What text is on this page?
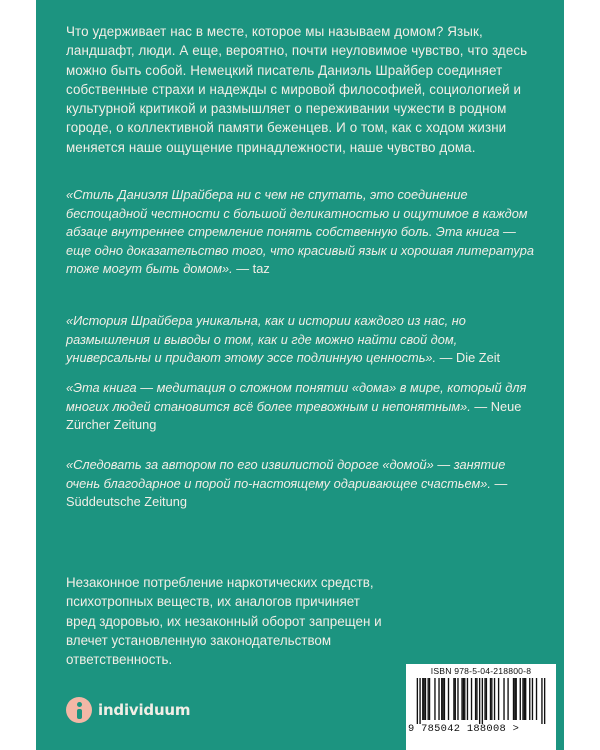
Что удерживает нас в месте, которое мы называем домом? Язык, ландшафт, люди. А еще, вероятно, почти неуловимое чувство, что здесь можно быть собой. Немецкий писатель Даниэль Шрайбер соединяет собственные страхи и надежды с мировой философией, социологией и культурной критикой и размышляет о переживании чужести в родном городе, о коллективной памяти беженцев. И о том, как с ходом жизни меняется наше ощущение принадлежности, наше чувство дома.

«Стиль Даниэля Шрайбера ни с чем не спутать, это соединение беспощадной честности с большой деликатностью и ощутимое в каждом абзаце внутреннее стремление понять собственную боль. Эта книга — еще одно доказательство того, что красивый язык и хорошая литература тоже могут быть домом». — taz

«История Шрайбера уникальна, как и истории каждого из нас, но размышления и выводы о том, как и где можно найти свой дом, универсальны и придают этому эссе подлинную ценность». — Die Zeit

«Эта книга — медитация о сложном понятии «дома» в мире, который для многих людей становится всё более тревожным и непонятным». — Neue Zürcher Zeitung

«Следовать за автором по его извилистой дороге «домой» — занятие очень благодарное и порой по-настоящему одаривающее счастьем». — Süddeutsche Zeitung

Незаконное потребление наркотических средств, психотропных веществ, их аналогов причиняет вред здоровью, их незаконный оборот запрещен и влечет установленную законодательством ответственность.

individuum
ISBN 978-5-04-218800-8
9 785042 188008 >
